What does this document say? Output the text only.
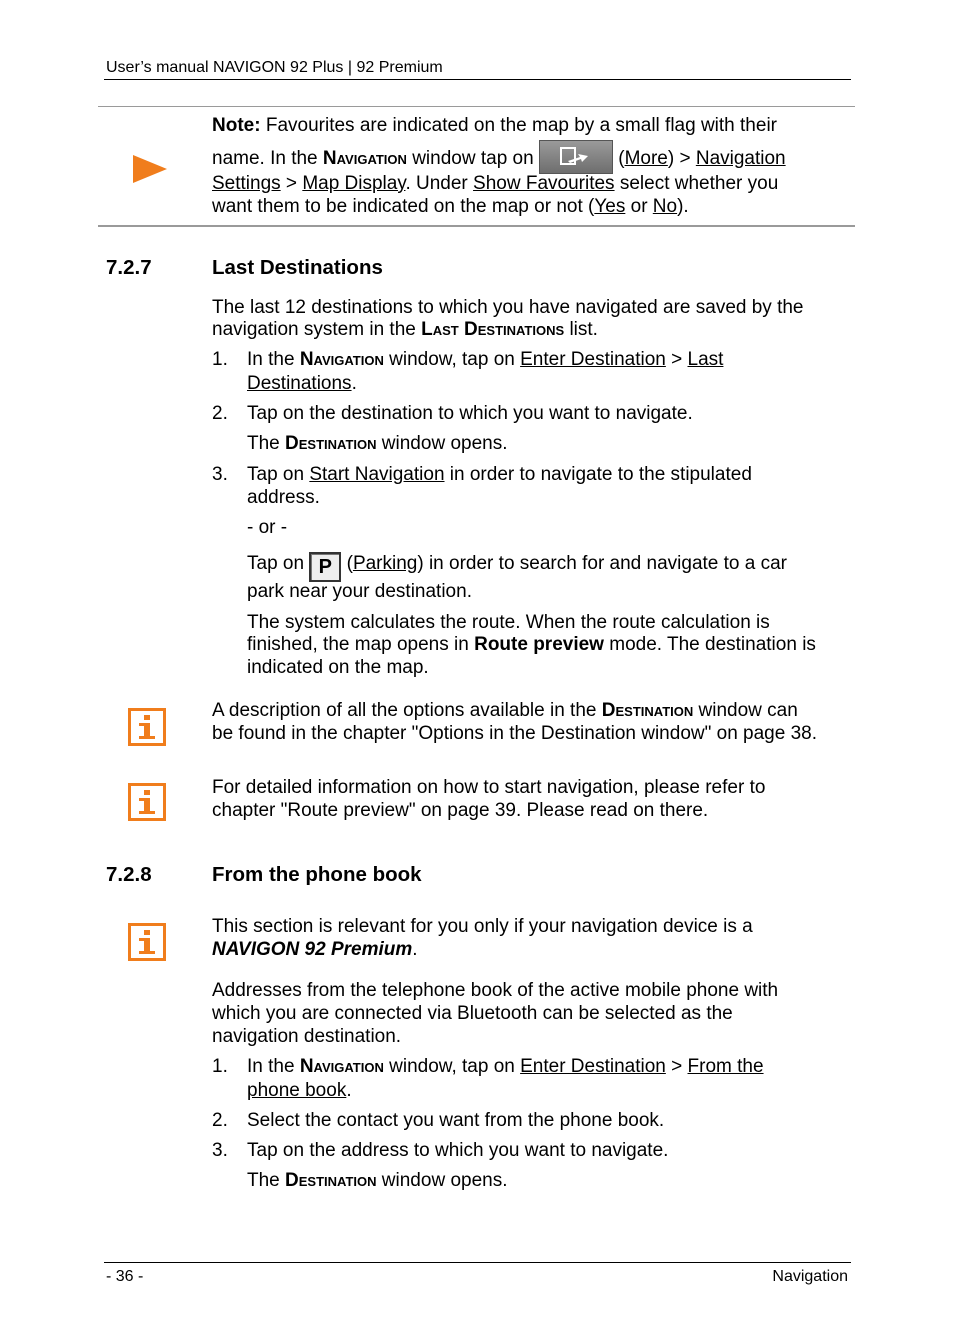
User’s manual NAVIGON 92 Plus | 92 Premium
Note: Favourites are indicated on the map by a small flag with their
name. In the Navigation window tap on	(More) > Navigation
Settings > Map Display. Under Show Favourites select whether you
want them to be indicated on the map or not (Yes or No).
7.2.7	Last Destinations
The last 12 destinations to which you have navigated are saved by the
navigation system in the Last Destinations list.
1. In the Navigation window, tap on Enter Destination > Last
Destinations.
2. Tap on the destination to which you want to navigate.
The Destination window opens.
3. Tap on Start Navigation in order to navigate to the stipulated
address.
- or -
Tap on P (Parking) in order to search for and navigate to a car
park near your destination.
The system calculates the route. When the route calculation is
finished, the map opens in Route preview mode. The destination is
indicated on the map.
A description of all the options available in the Destination window can
be found in the chapter "Options in the Destination window" on page 38.
For detailed information on how to start navigation, please refer to
chapter "Route preview" on page 39. Please read on there.
7.2.8	From the phone book
This section is relevant for you only if your navigation device is a
NAVIGON 92 Premium.
Addresses from the telephone book of the active mobile phone with
which you are connected via Bluetooth can be selected as the
navigation destination.
1. In the Navigation window, tap on Enter Destination > From the
phone book.
2. Select the contact you want from the phone book.
3. Tap on the address to which you want to navigate.
The Destination window opens.
- 36 -	Navigation
